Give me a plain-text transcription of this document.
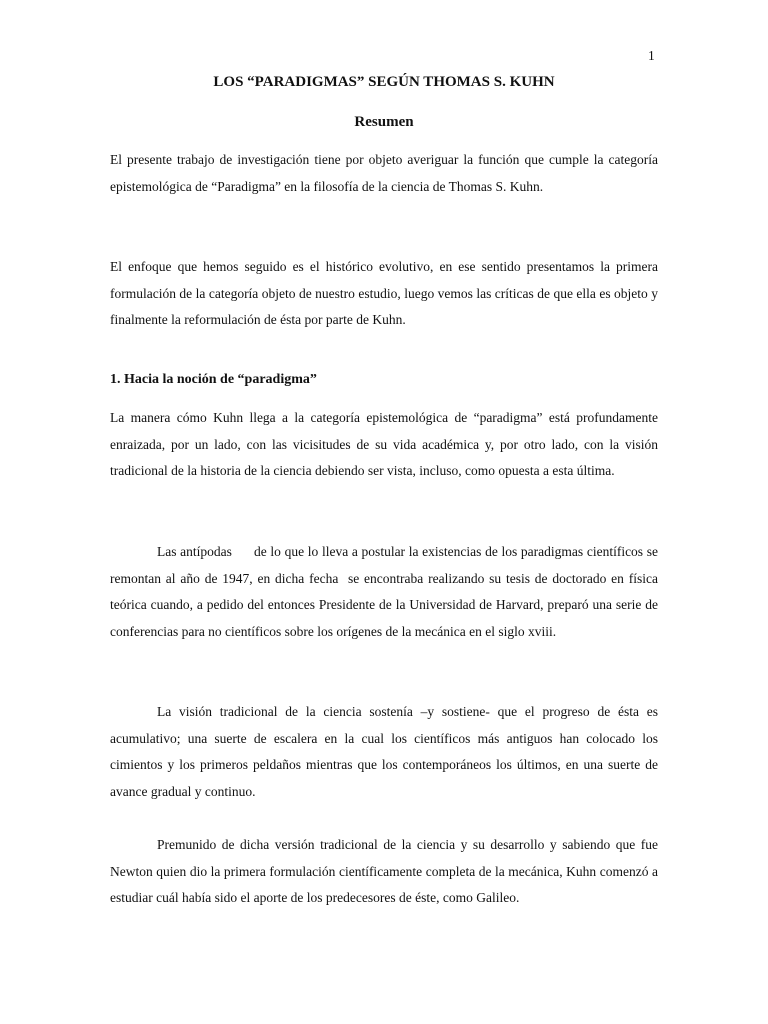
1
LOS “PARADIGMAS” SEGÚN THOMAS S. KUHN
Resumen

El presente trabajo de investigación tiene por objeto averiguar la función que cumple la categoría epistemológica de “Paradigma” en la filosofía de la ciencia de Thomas S. Kuhn.

El enfoque que hemos seguido es el histórico evolutivo, en ese sentido presentamos la primera formulación de la categoría objeto de nuestro estudio, luego vemos las críticas de que ella es objeto y finalmente la reformulación de ésta por parte de Kuhn.

1. Hacia la noción de “paradigma”

La manera cómo Kuhn llega a la categoría epistemológica de “paradigma” está profundamente enraizada, por un lado, con las vicisitudes de su vida académica y, por otro lado, con la visión tradicional de la historia de la ciencia debiendo ser vista, incluso, como opuesta a esta última.

Las antípodas      de lo que lo lleva a postular la existencias de los paradigmas científicos se remontan al año de 1947, en dicha fecha  se encontraba realizando su tesis de doctorado en física teórica cuando, a pedido del entonces Presidente de la Universidad de Harvard, preparó una serie de conferencias para no científicos sobre los orígenes de la mecánica en el siglo xviii.

La visión tradicional de la ciencia sostenía –y sostiene- que el progreso de ésta es acumulativo; una suerte de escalera en la cual los científicos más antiguos han colocado los cimientos y los primeros peldaños mientras que los contemporáneos los últimos, en una suerte de avance gradual y continuo.

Premunido de dicha versión tradicional de la ciencia y su desarrollo y sabiendo que fue Newton quien dio la primera formulación científicamente completa de la mecánica, Kuhn comenzó a estudiar cuál había sido el aporte de los predecesores de éste, como Galileo.
